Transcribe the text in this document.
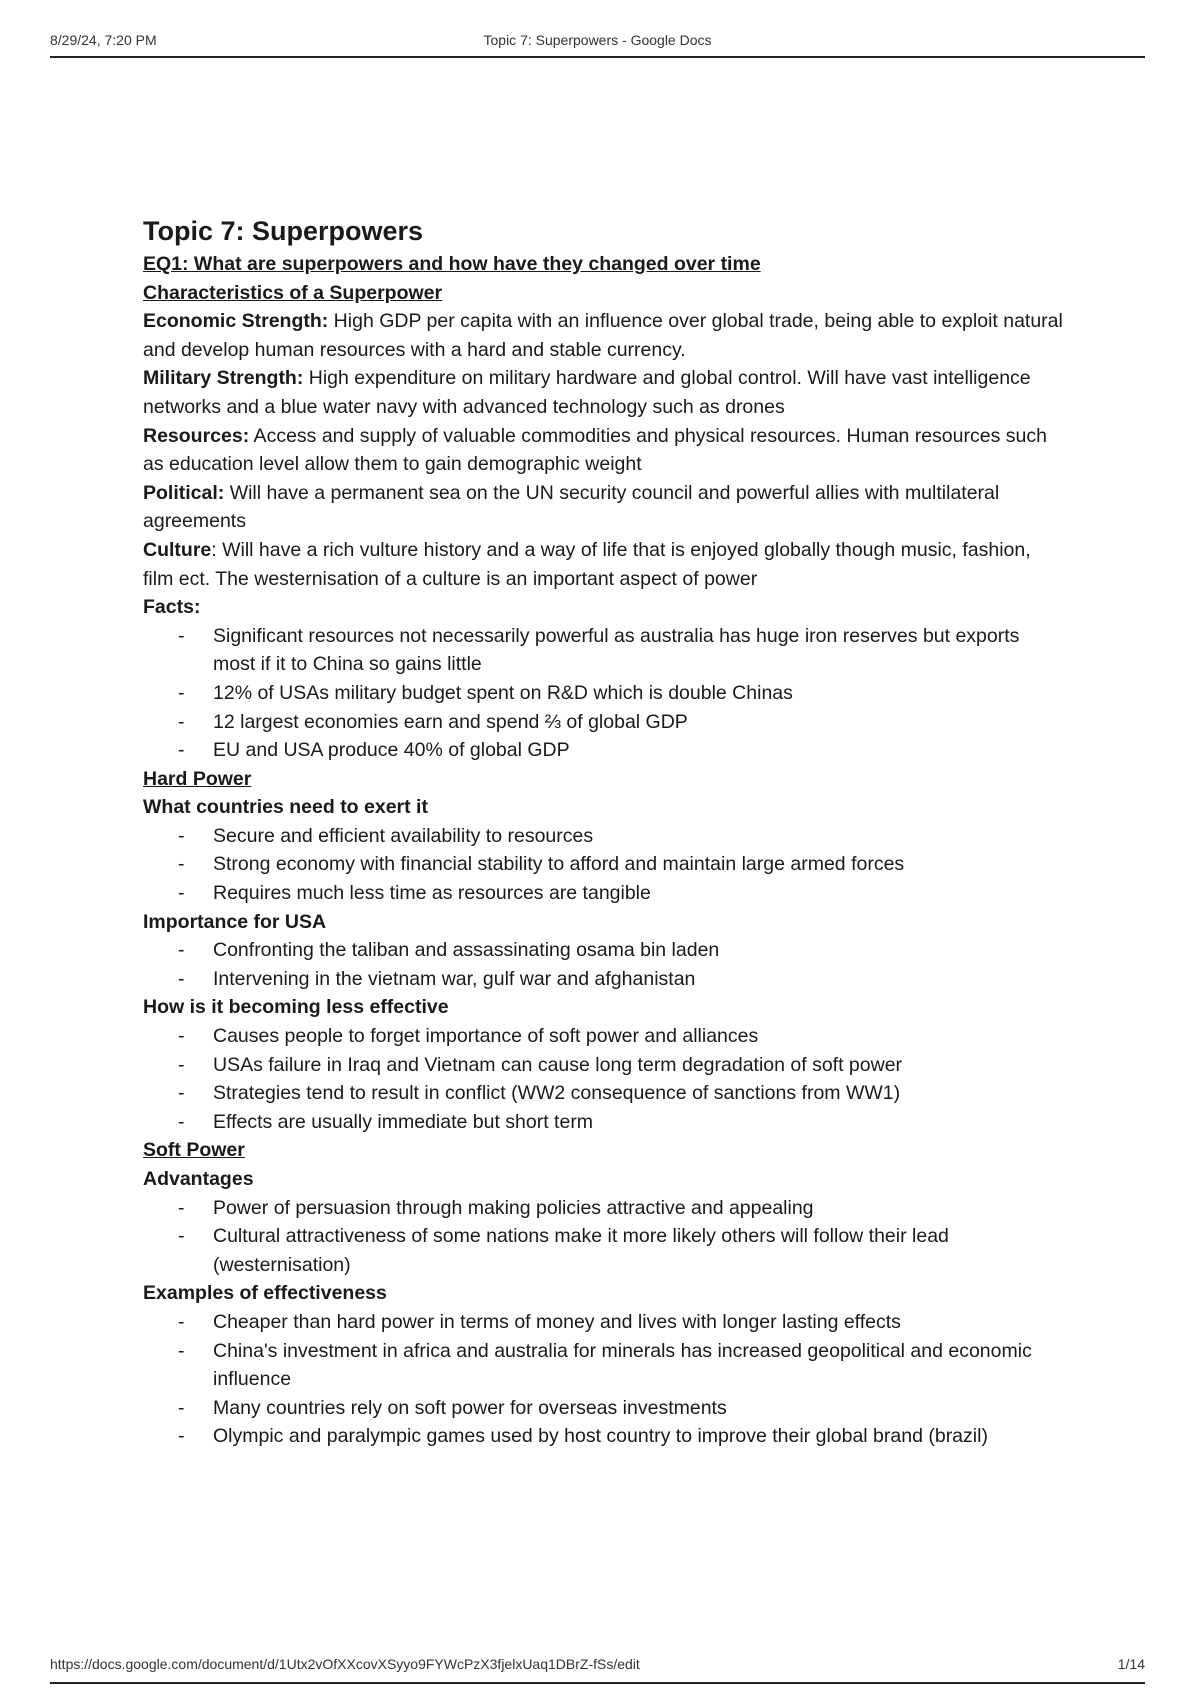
8/29/24, 7:20 PM	Topic 7: Superpowers - Google Docs
Topic 7: Superpowers

EQ1: What are superpowers and how have they changed over time

Characteristics of a Superpower

Economic Strength: High GDP per capita with an influence over global trade, being able to exploit natural and develop human resources with a hard and stable currency.

Military Strength: High expenditure on military hardware and global control. Will have vast intelligence networks and a blue water navy with advanced technology such as drones

Resources: Access and supply of valuable commodities and physical resources. Human resources such as education level allow them to gain demographic weight

Political: Will have a permanent sea on the UN security council and powerful allies with multilateral agreements

Culture: Will have a rich vulture history and a way of life that is enjoyed globally though music, fashion, film ect. The westernisation of a culture is an important aspect of power

Facts:

- Significant resources not necessarily powerful as australia has huge iron reserves but exports most if it to China so gains little
- 12% of USAs military budget spent on R&D which is double Chinas
- 12 largest economies earn and spend ⅔ of global GDP
- EU and USA produce 40% of global GDP

Hard Power

What countries need to exert it

- Secure and efficient availability to resources
- Strong economy with financial stability to afford and maintain large armed forces
- Requires much less time as resources are tangible

Importance for USA

- Confronting the taliban and assassinating osama bin laden
- Intervening in the vietnam war, gulf war and afghanistan

How is it becoming less effective

- Causes people to forget importance of soft power and alliances
- USAs failure in Iraq and Vietnam can cause long term degradation of soft power
- Strategies tend to result in conflict (WW2 consequence of sanctions from WW1)
- Effects are usually immediate but short term

Soft Power

Advantages

- Power of persuasion through making policies attractive and appealing
- Cultural attractiveness of some nations make it more likely others will follow their lead (westernisation)

Examples of effectiveness

- Cheaper than hard power in terms of money and lives with longer lasting effects
- China's investment in africa and australia for minerals has increased geopolitical and economic influence
- Many countries rely on soft power for overseas investments
- Olympic and paralympic games used by host country to improve their global brand (brazil)
https://docs.google.com/document/d/1Utx2vOfXXcovXSyyo9FYWcPzX3fjelxUaq1DBrZ-fSs/edit	1/14
